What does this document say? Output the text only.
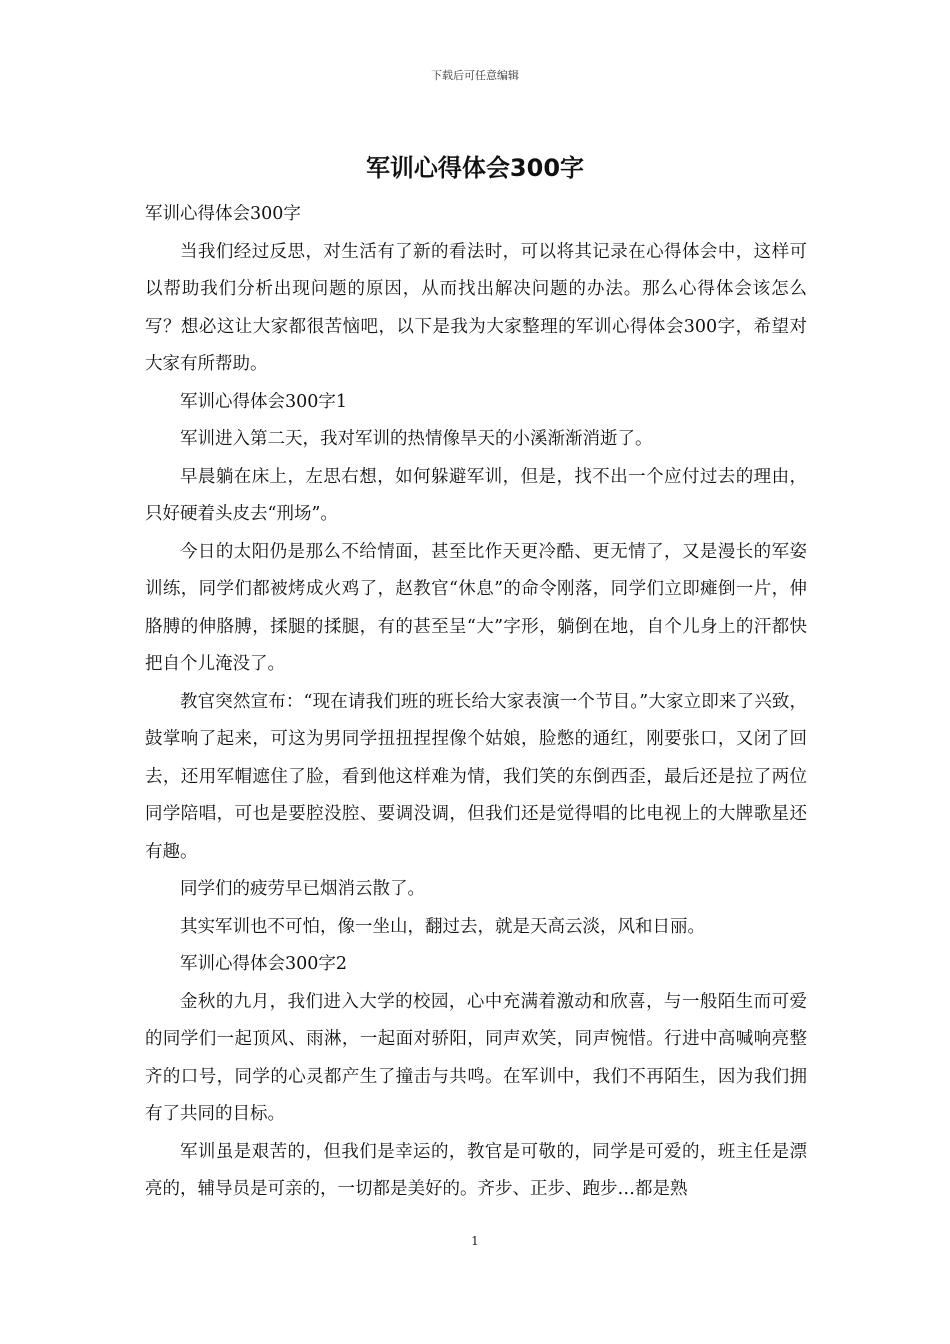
下载后可任意编辑
军训心得体会300字

军训心得体会300字

当我们经过反思，对生活有了新的看法时，可以将其记录在心得体会中，这样可以帮助我们分析出现问题的原因，从而找出解决问题的办法。那么心得体会该怎么写？想必这让大家都很苦恼吧，以下是我为大家整理的军训心得体会300字，希望对大家有所帮助。

军训心得体会300字1

军训进入第二天，我对军训的热情像旱天的小溪渐渐消逝了。

早晨躺在床上，左思右想，如何躲避军训，但是，找不出一个应付过去的理由，只好硬着头皮去“刑场”。

今日的太阳仍是那么不给情面，甚至比作天更冷酷、更无情了，又是漫长的军姿训练，同学们都被烤成火鸡了，赵教官“休息”的命令刚落，同学们立即瘫倒一片，伸胳膊的伸胳膊，揉腿的揉腿，有的甚至呈“大”字形，躺倒在地，自个儿身上的汗都快把自个儿淹没了。

教官突然宣布：“现在请我们班的班长给大家表演一个节目。”大家立即来了兴致，鼓掌响了起来，可这为男同学扭扭捏捏像个姑娘，脸憋的通红，刚要张口，又闭了回去，还用军帽遮住了脸，看到他这样难为情，我们笑的东倒西歪，最后还是拉了两位同学陪唱，可也是要腔没腔、要调没调，但我们还是觉得唱的比电视上的大牌歌星还有趣。

同学们的疲劳早已烟消云散了。

其实军训也不可怕，像一坐山，翻过去，就是天高云淡，风和日丽。

军训心得体会300字2

金秋的九月，我们进入大学的校园，心中充满着激动和欣喜，与一般陌生而可爱的同学们一起顶风、雨淋，一起面对骄阳，同声欢笑，同声惋惜。行进中高喊响亮整齐的口号，同学的心灵都产生了撞击与共鸣。在军训中，我们不再陌生，因为我们拥有了共同的目标。

军训虽是艰苦的，但我们是幸运的，教官是可敬的，同学是可爱的，班主任是漂亮的，辅导员是可亲的，一切都是美好的。齐步、正步、跑步…都是熟

1
